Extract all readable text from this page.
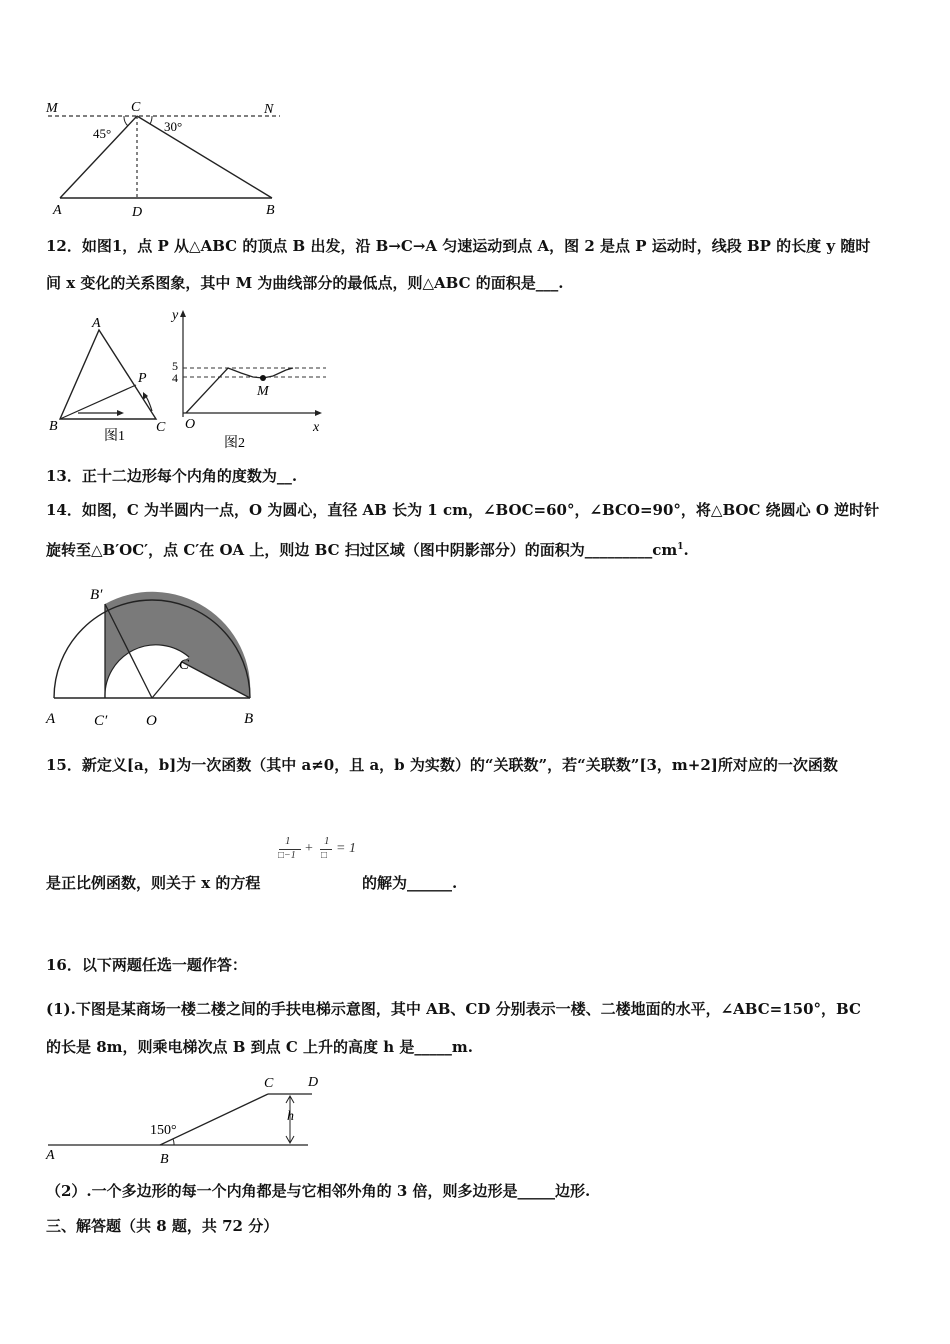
M	C	N
45°	30°
A	D	B
12．如图1，点 P 从△ABC 的顶点 B 出发，沿 B→C→A 匀速运动到点 A，图 2 是点 P 运动时，线段 BP 的长度 y 随时
间 x 变化的关系图象，其中 M 为曲线部分的最低点，则△ABC 的面积是___.
A
P
B	C
图1
y
5
4
M
O	x
图2
13．正十二边形每个内角的度数为__.
14．如图，C 为半圆内一点，O 为圆心，直径 AB 长为 1 cm，∠BOC=60°，∠BCO=90°，将△BOC 绕圆心 O 逆时针
旋转至△B′OC′，点 C′在 OA 上，则边 BC 扫过区域（图中阴影部分）的面积为$\_\_\_\_\_\_\_\_\_cm^1$.
B′
C
A	C′	O	B
15．新定义[a，b]为一次函数（其中 a≠0，且 a，b 为实数）的“关联数”，若“关联数”[3，m+2]所对应的一次函数
1
□−1 + 1
□ = 1
是正比例函数，则关于 x 的方程	的解为______.
16．以下两题任选一题作答：
(1).下图是某商场一楼二楼之间的手扶电梯示意图，其中 AB、CD 分别表示一楼、二楼地面的水平，∠ABC=150°，BC
的长是 8m，则乘电梯次点 B 到点 C 上升的高度 h 是_____m.
C D
h
150°
A	B
（2）.一个多边形的每一个内角都是与它相邻外角的 3 倍，则多边形是_____边形.
三、解答题（共 8 题，共 72 分）
